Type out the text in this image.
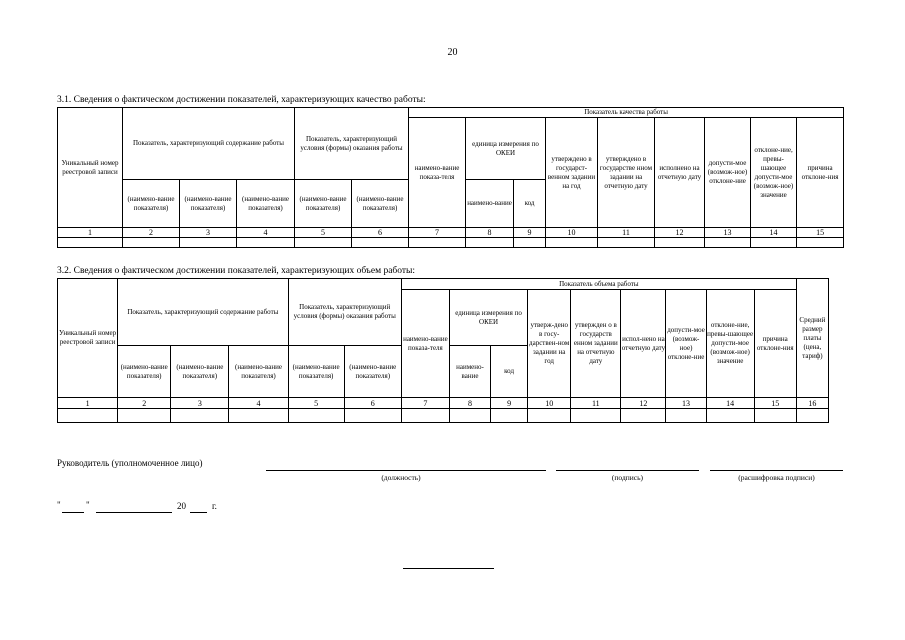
20
3.1. Сведения о фактическом достижении показателей, характеризующих качество работы:
Уникальный номер реестровой записи	Показатель, характеризующий содержание работы			Показатель, характеризующий условия (формы) оказания работы		Показатель качества работы								
						наимено-вание показа-теля	единица измерения по ОКЕИ		утверждено в государст-венном задании на год	утверждено в государстве нном задании на отчетную дату	исполнено на отчетную дату	допусти-мое (возмож-ное) отклоне-ние	отклоне-ние, превы-шающее допусти-мое (возмож-ное) значение	причина отклоне-ния
	(наимено-вание показателя)	(наимено-вание показателя)	(наимено-вание показателя)	(наимено-вание показателя)	(наимено-вание показателя)		наимено-вание	код						
1	2	3	4	5	6	7	8	9	10	11	12	13	14	15

3.2. Сведения о фактическом достижении показателей, характеризующих объем работы:
Уникальный номер реестровой записи	Показатель, характеризующий содержание работы			Показатель, характеризующий условия (формы) оказания работы		Показатель объема работы									Средний размер платы (цена, тариф)
						наимено-вание показа-теля	единица измерения по ОКЕИ		утверж-дено в госу-дарствен-ном задании на год	утвержден о в государств енном задании на отчетную дату	испол-нено на отчетную дату	допусти-мое (возмож-ное) отклоне-ние	отклоне-ние, превы-шающее допусти-мое (возмож-ное) значение	причина отклоне-ния	
	(наимено-вание показателя)	(наимено-вание показателя)	(наимено-вание показателя)	(наимено-вание показателя)	(наимено-вание показателя)		наимено-вание	код							
1	2	3	4	5	6	7	8	9	10	11	12	13	14	15	16

Руководитель (уполномоченное лицо)
(должность)	(подпись)	(расшифровка подписи)
"	"	20	г.
